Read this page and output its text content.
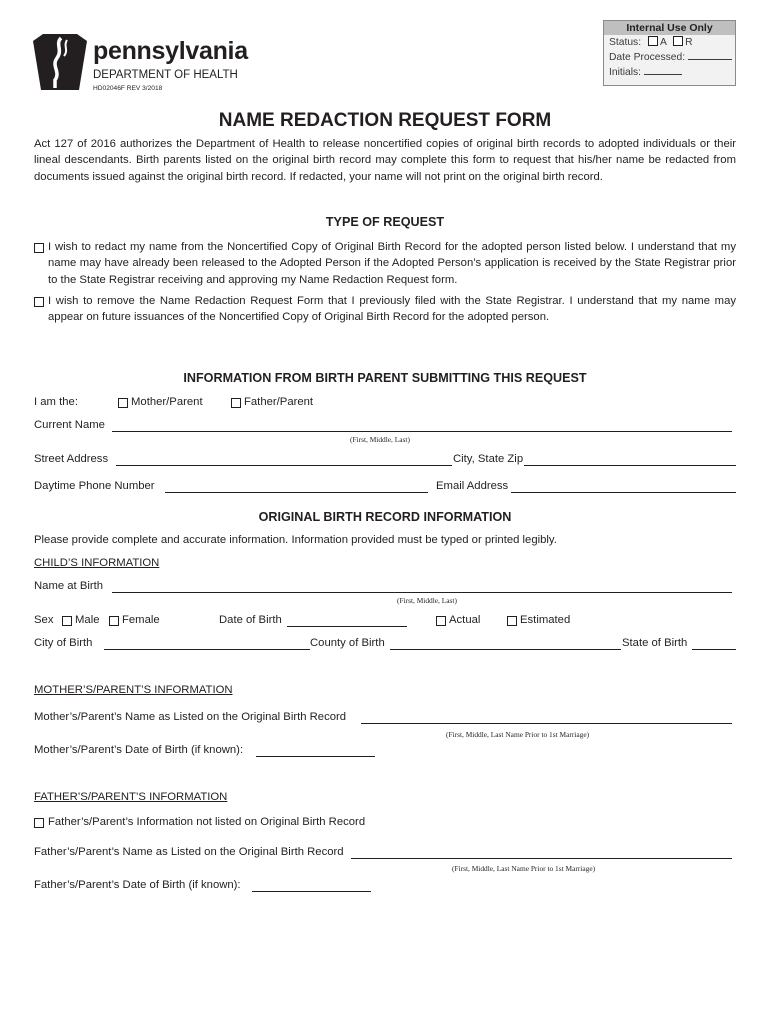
pennsylvania
DEPARTMENT OF HEALTH
HD02046F REV 3/2018
Internal Use Only
Status: A R
Date Processed:
Initials:
NAME REDACTION REQUEST FORM
Act 127 of 2016 authorizes the Department of Health to release noncertified copies of original birth records to adopted individuals or their lineal descendants. Birth parents listed on the original birth record may complete this form to request that his/her name be redacted from documents issued against the original birth record. If redacted, your name will not print on the original birth record.
TYPE OF REQUEST
I wish to redact my name from the Noncertified Copy of Original Birth Record for the adopted person listed below. I understand that my name may have already been released to the Adopted Person if the Adopted Person’s application is received by the State Registrar prior to the State Registrar receiving and approving my Name Redaction Request form.
I wish to remove the Name Redaction Request Form that I previously filed with the State Registrar. I understand that my name may appear on future issuances of the Noncertified Copy of Original Birth Record for the adopted person.
INFORMATION FROM BIRTH PARENT SUBMITTING THIS REQUEST
I am the:	Mother/Parent	Father/Parent
Current Name
(First, Middle, Last)
Street Address	City, State Zip
Daytime Phone Number	Email Address
ORIGINAL BIRTH RECORD INFORMATION
Please provide complete and accurate information. Information provided must be typed or printed legibly.
CHILD’S INFORMATION
Name at Birth
(First, Middle, Last)
Sex Male Female	Date of Birth	Actual	Estimated
City of Birth	County of Birth	State of Birth
MOTHER’S/PARENT’S INFORMATION
Mother’s/Parent’s Name as Listed on the Original Birth Record
(First, Middle, Last Name Prior to 1st Marriage)
Mother’s/Parent’s Date of Birth (if known):
FATHER’S/PARENT’S INFORMATION
Father’s/Parent’s Information not listed on Original Birth Record
Father’s/Parent’s Name as Listed on the Original Birth Record
(First, Middle, Last Name Prior to 1st Marriage)
Father’s/Parent’s Date of Birth (if known):
